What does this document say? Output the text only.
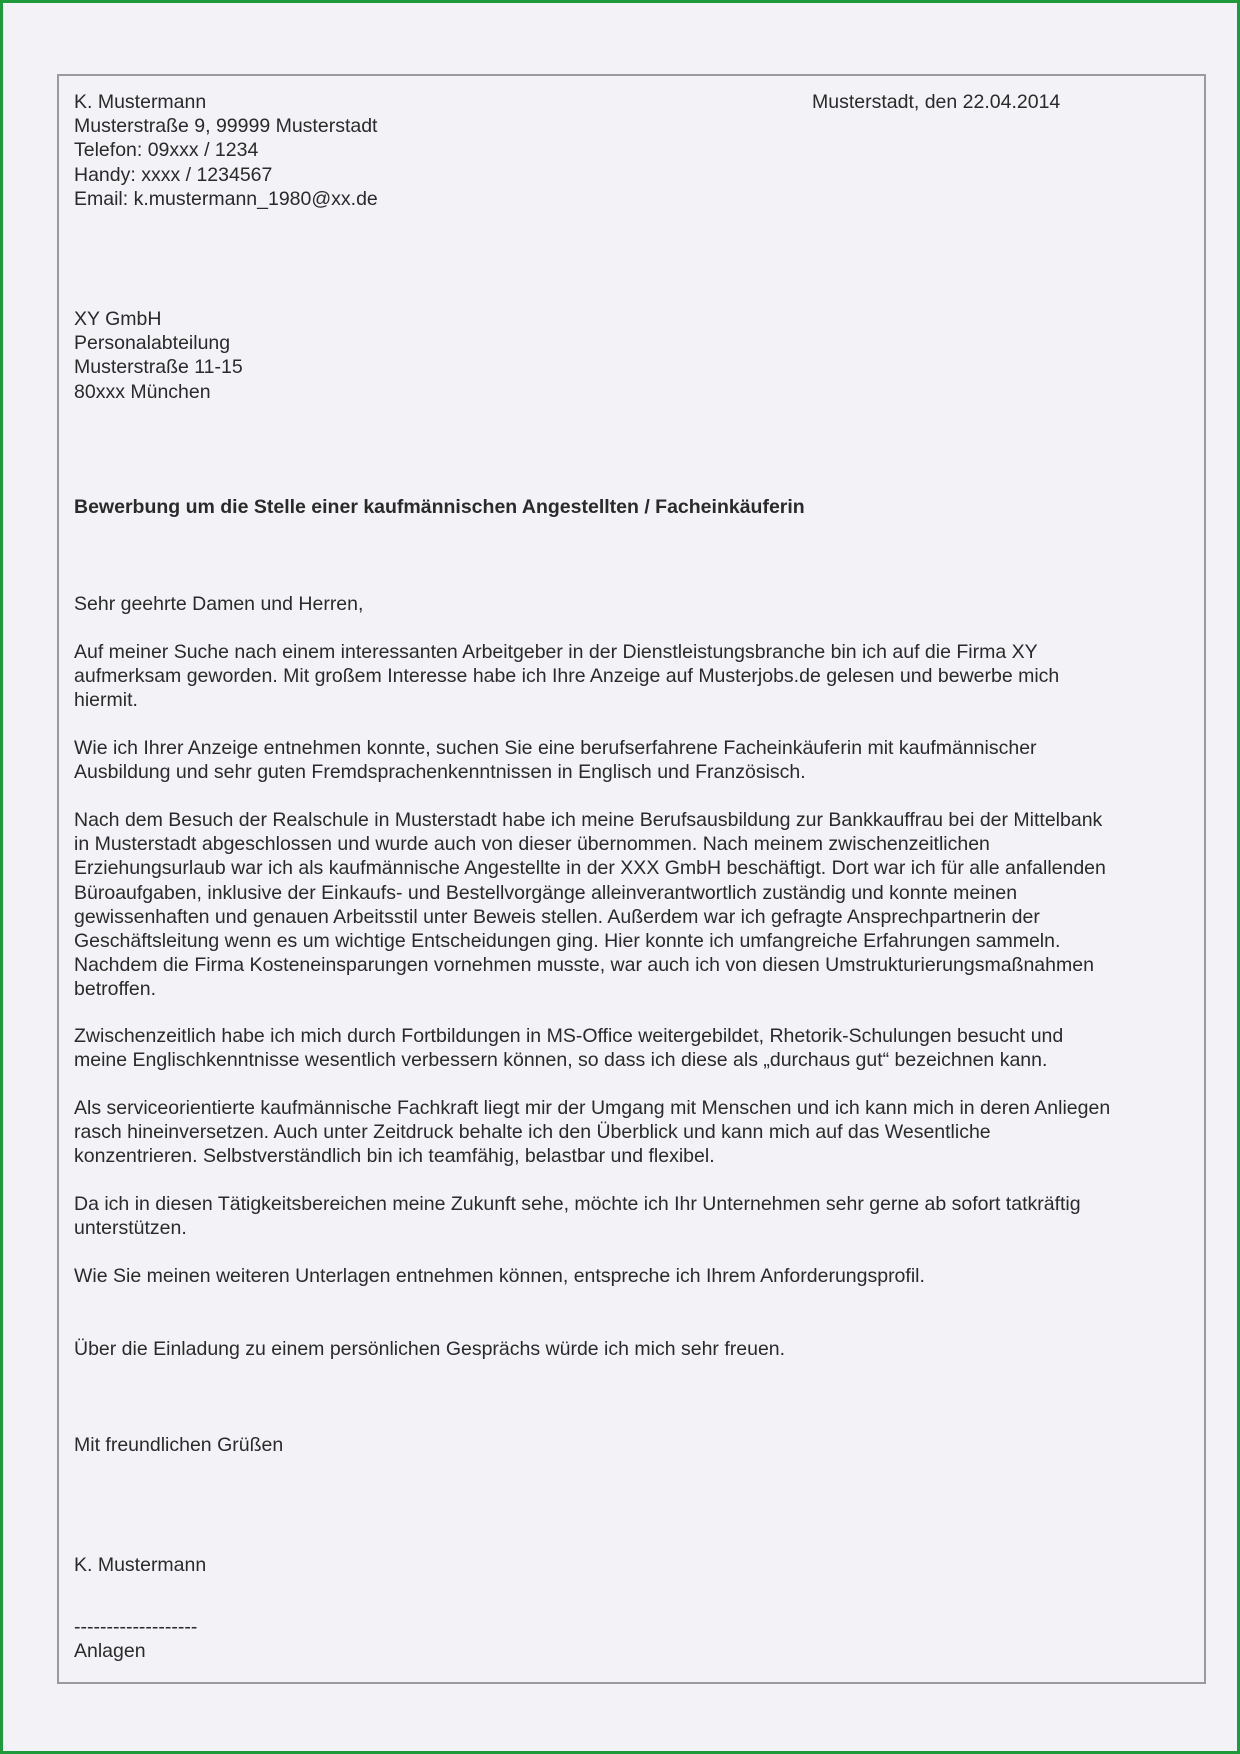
Musterstadt, den 22.04.2014
K. Mustermann
Musterstraße 9, 99999 Musterstadt
Telefon: 09xxx / 1234
Handy: xxxx / 1234567
Email: k.mustermann_1980@xx.de
XY GmbH
Personalabteilung
Musterstraße 11-15
80xxx München
Bewerbung um die Stelle einer kaufmännischen Angestellten / Facheinkäuferin
Sehr geehrte Damen und Herren,
Auf meiner Suche nach einem interessanten Arbeitgeber in der Dienstleistungsbranche bin ich auf die Firma XY
aufmerksam geworden. Mit großem Interesse habe ich Ihre Anzeige auf Musterjobs.de gelesen und bewerbe mich
hiermit.
Wie ich Ihrer Anzeige entnehmen konnte, suchen Sie eine berufserfahrene Facheinkäuferin mit kaufmännischer
Ausbildung und sehr guten Fremdsprachenkenntnissen in Englisch und Französisch.
Nach dem Besuch der Realschule in Musterstadt habe ich meine Berufsausbildung zur Bankkauffrau bei der Mittelbank
in Musterstadt abgeschlossen und wurde auch von dieser übernommen. Nach meinem zwischenzeitlichen
Erziehungsurlaub war ich als kaufmännische Angestellte in der XXX GmbH beschäftigt. Dort war ich für alle anfallenden
Büroaufgaben, inklusive der Einkaufs- und Bestellvorgänge alleinverantwortlich zuständig und konnte meinen
gewissenhaften und genauen Arbeitsstil unter Beweis stellen. Außerdem war ich gefragte Ansprechpartnerin der
Geschäftsleitung wenn es um wichtige Entscheidungen ging. Hier konnte ich umfangreiche Erfahrungen sammeln.
Nachdem die Firma Kosteneinsparungen vornehmen musste, war auch ich von diesen Umstrukturierungsmaßnahmen
betroffen.
Zwischenzeitlich habe ich mich durch Fortbildungen in MS-Office weitergebildet, Rhetorik-Schulungen besucht und
meine Englischkenntnisse wesentlich verbessern können, so dass ich diese als „durchaus gut“ bezeichnen kann.
Als serviceorientierte kaufmännische Fachkraft liegt mir der Umgang mit Menschen und ich kann mich in deren Anliegen
rasch hineinversetzen. Auch unter Zeitdruck behalte ich den Überblick und kann mich auf das Wesentliche
konzentrieren. Selbstverständlich bin ich teamfähig, belastbar und flexibel.
Da ich in diesen Tätigkeitsbereichen meine Zukunft sehe, möchte ich Ihr Unternehmen sehr gerne ab sofort tatkräftig
unterstützen.
Wie Sie meinen weiteren Unterlagen entnehmen können, entspreche ich Ihrem Anforderungsprofil.
Über die Einladung zu einem persönlichen Gesprächs würde ich mich sehr freuen.
Mit freundlichen Grüßen
K. Mustermann
-------------------
Anlagen
